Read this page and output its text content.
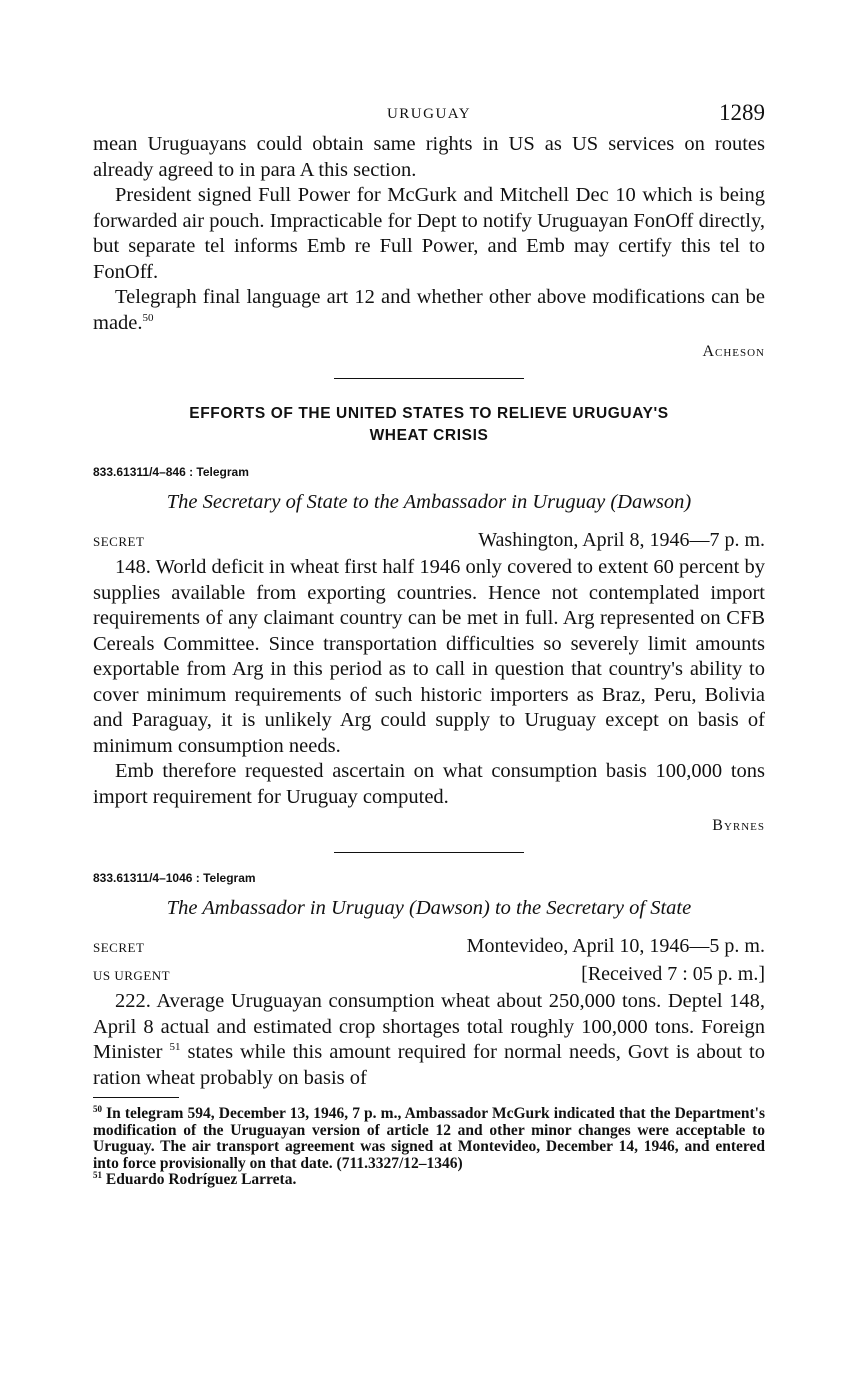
URUGUAY	1289

mean Uruguayans could obtain same rights in US as US services on routes already agreed to in para A this section.

President signed Full Power for McGurk and Mitchell Dec 10 which is being forwarded air pouch. Impracticable for Dept to notify Uruguayan FonOff directly, but separate tel informs Emb re Full Power, and Emb may certify this tel to FonOff.

Telegraph final language art 12 and whether other above modifications can be made.$^{50}$

Acheson
EFFORTS OF THE UNITED STATES TO RELIEVE URUGUAY'S
WHEAT CRISIS
833.61311/4–846 : Telegram
The Secretary of State to the Ambassador in Uruguay (Dawson)
SECRET	Washington, April 8, 1946—7 p. m.

148. World deficit in wheat first half 1946 only covered to extent 60 percent by supplies available from exporting countries. Hence not contemplated import requirements of any claimant country can be met in full. Arg represented on CFB Cereals Committee. Since transportation difficulties so severely limit amounts exportable from Arg in this period as to call in question that country's ability to cover minimum requirements of such historic importers as Braz, Peru, Bolivia and Paraguay, it is unlikely Arg could supply to Uruguay except on basis of minimum consumption needs.

Emb therefore requested ascertain on what consumption basis 100,000 tons import requirement for Uruguay computed.

Byrnes
833.61311/4–1046 : Telegram
The Ambassador in Uruguay (Dawson) to the Secretary of State
SECRET	Montevideo, April 10, 1946—5 p. m.
US URGENT	[Received 7 : 05 p. m.]

222. Average Uruguayan consumption wheat about 250,000 tons. Deptel 148, April 8 actual and estimated crop shortages total roughly 100,000 tons. Foreign Minister $^{51}$ states while this amount required for normal needs, Govt is about to ration wheat probably on basis of

$^{50}$ In telegram 594, December 13, 1946, 7 p. m., Ambassador McGurk indicated that the Department's modification of the Uruguayan version of article 12 and other minor changes were acceptable to Uruguay. The air transport agreement was signed at Montevideo, December 14, 1946, and entered into force provisionally on that date. (711.3327/12–1346)
$^{51}$ Eduardo Rodríguez Larreta.
